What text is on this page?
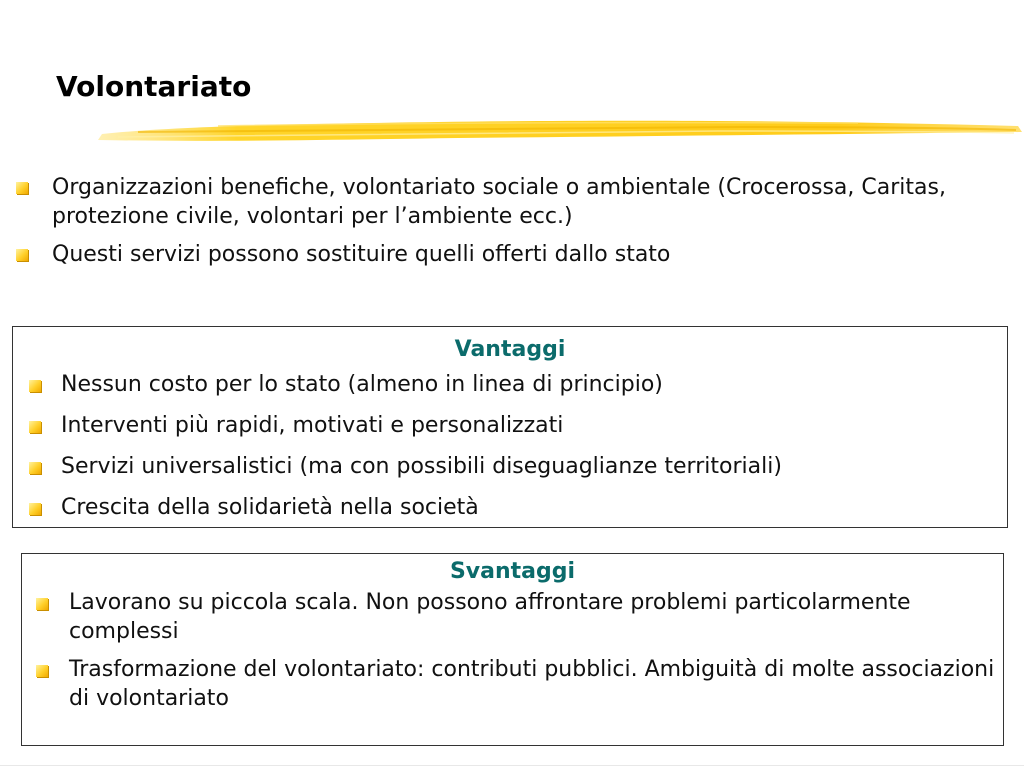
Volontariato
Organizzazioni benefiche, volontariato sociale o ambientale (Crocerossa, Caritas, protezione civile, volontari per l’ambiente ecc.)
Questi servizi possono sostituire quelli offerti dallo stato

Vantaggi

Nessun costo per lo stato (almeno in linea di principio)
Interventi più rapidi, motivati e personalizzati
Servizi universalistici (ma con possibili diseguaglianze territoriali)
Crescita della solidarietà nella società

Svantaggi

Lavorano su piccola scala. Non possono affrontare problemi particolarmente complessi
Trasformazione del volontariato: contributi pubblici. Ambiguità di molte associazioni di volontariato
